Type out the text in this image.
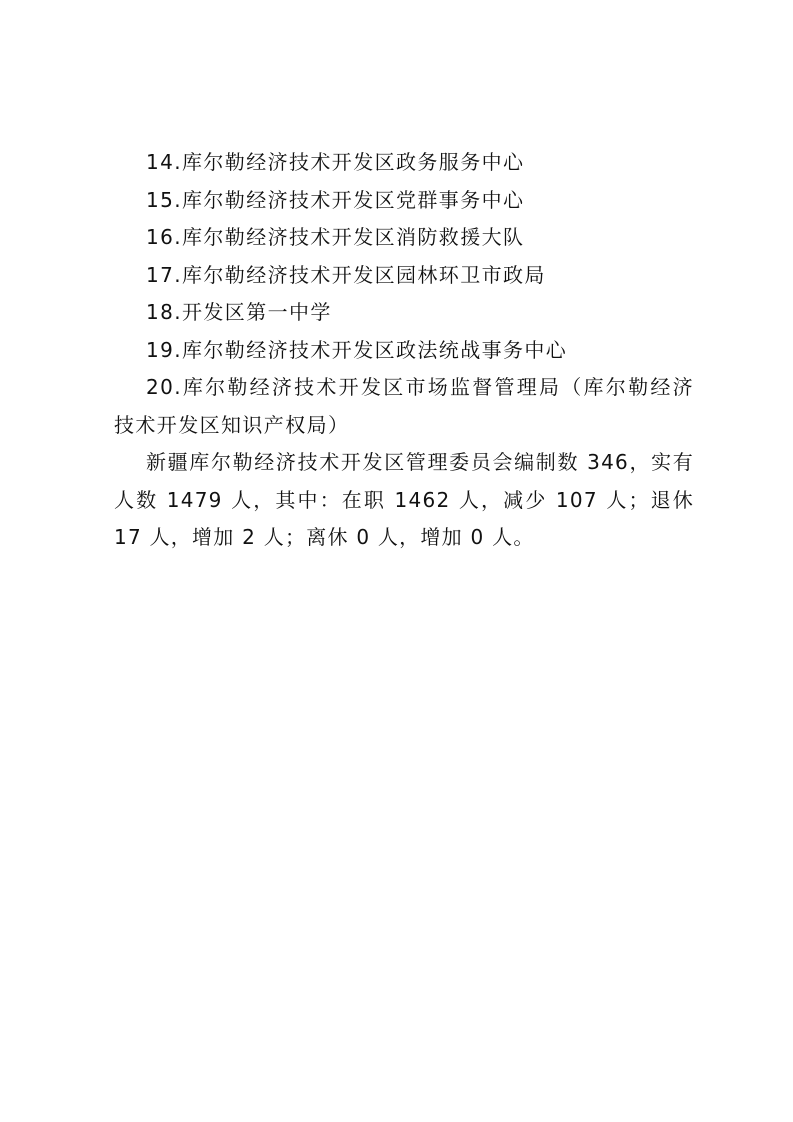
14.库尔勒经济技术开发区政务服务中心

15.库尔勒经济技术开发区党群事务中心

16.库尔勒经济技术开发区消防救援大队

17.库尔勒经济技术开发区园林环卫市政局

18.开发区第一中学

19.库尔勒经济技术开发区政法统战事务中心

20.库尔勒经济技术开发区市场监督管理局（库尔勒经济技术开发区知识产权局）

新疆库尔勒经济技术开发区管理委员会编制数 346，实有人数 1479 人，其中：在职 1462 人，减少 107 人；退休 17 人，增加 2 人；离休 0 人，增加 0 人。
